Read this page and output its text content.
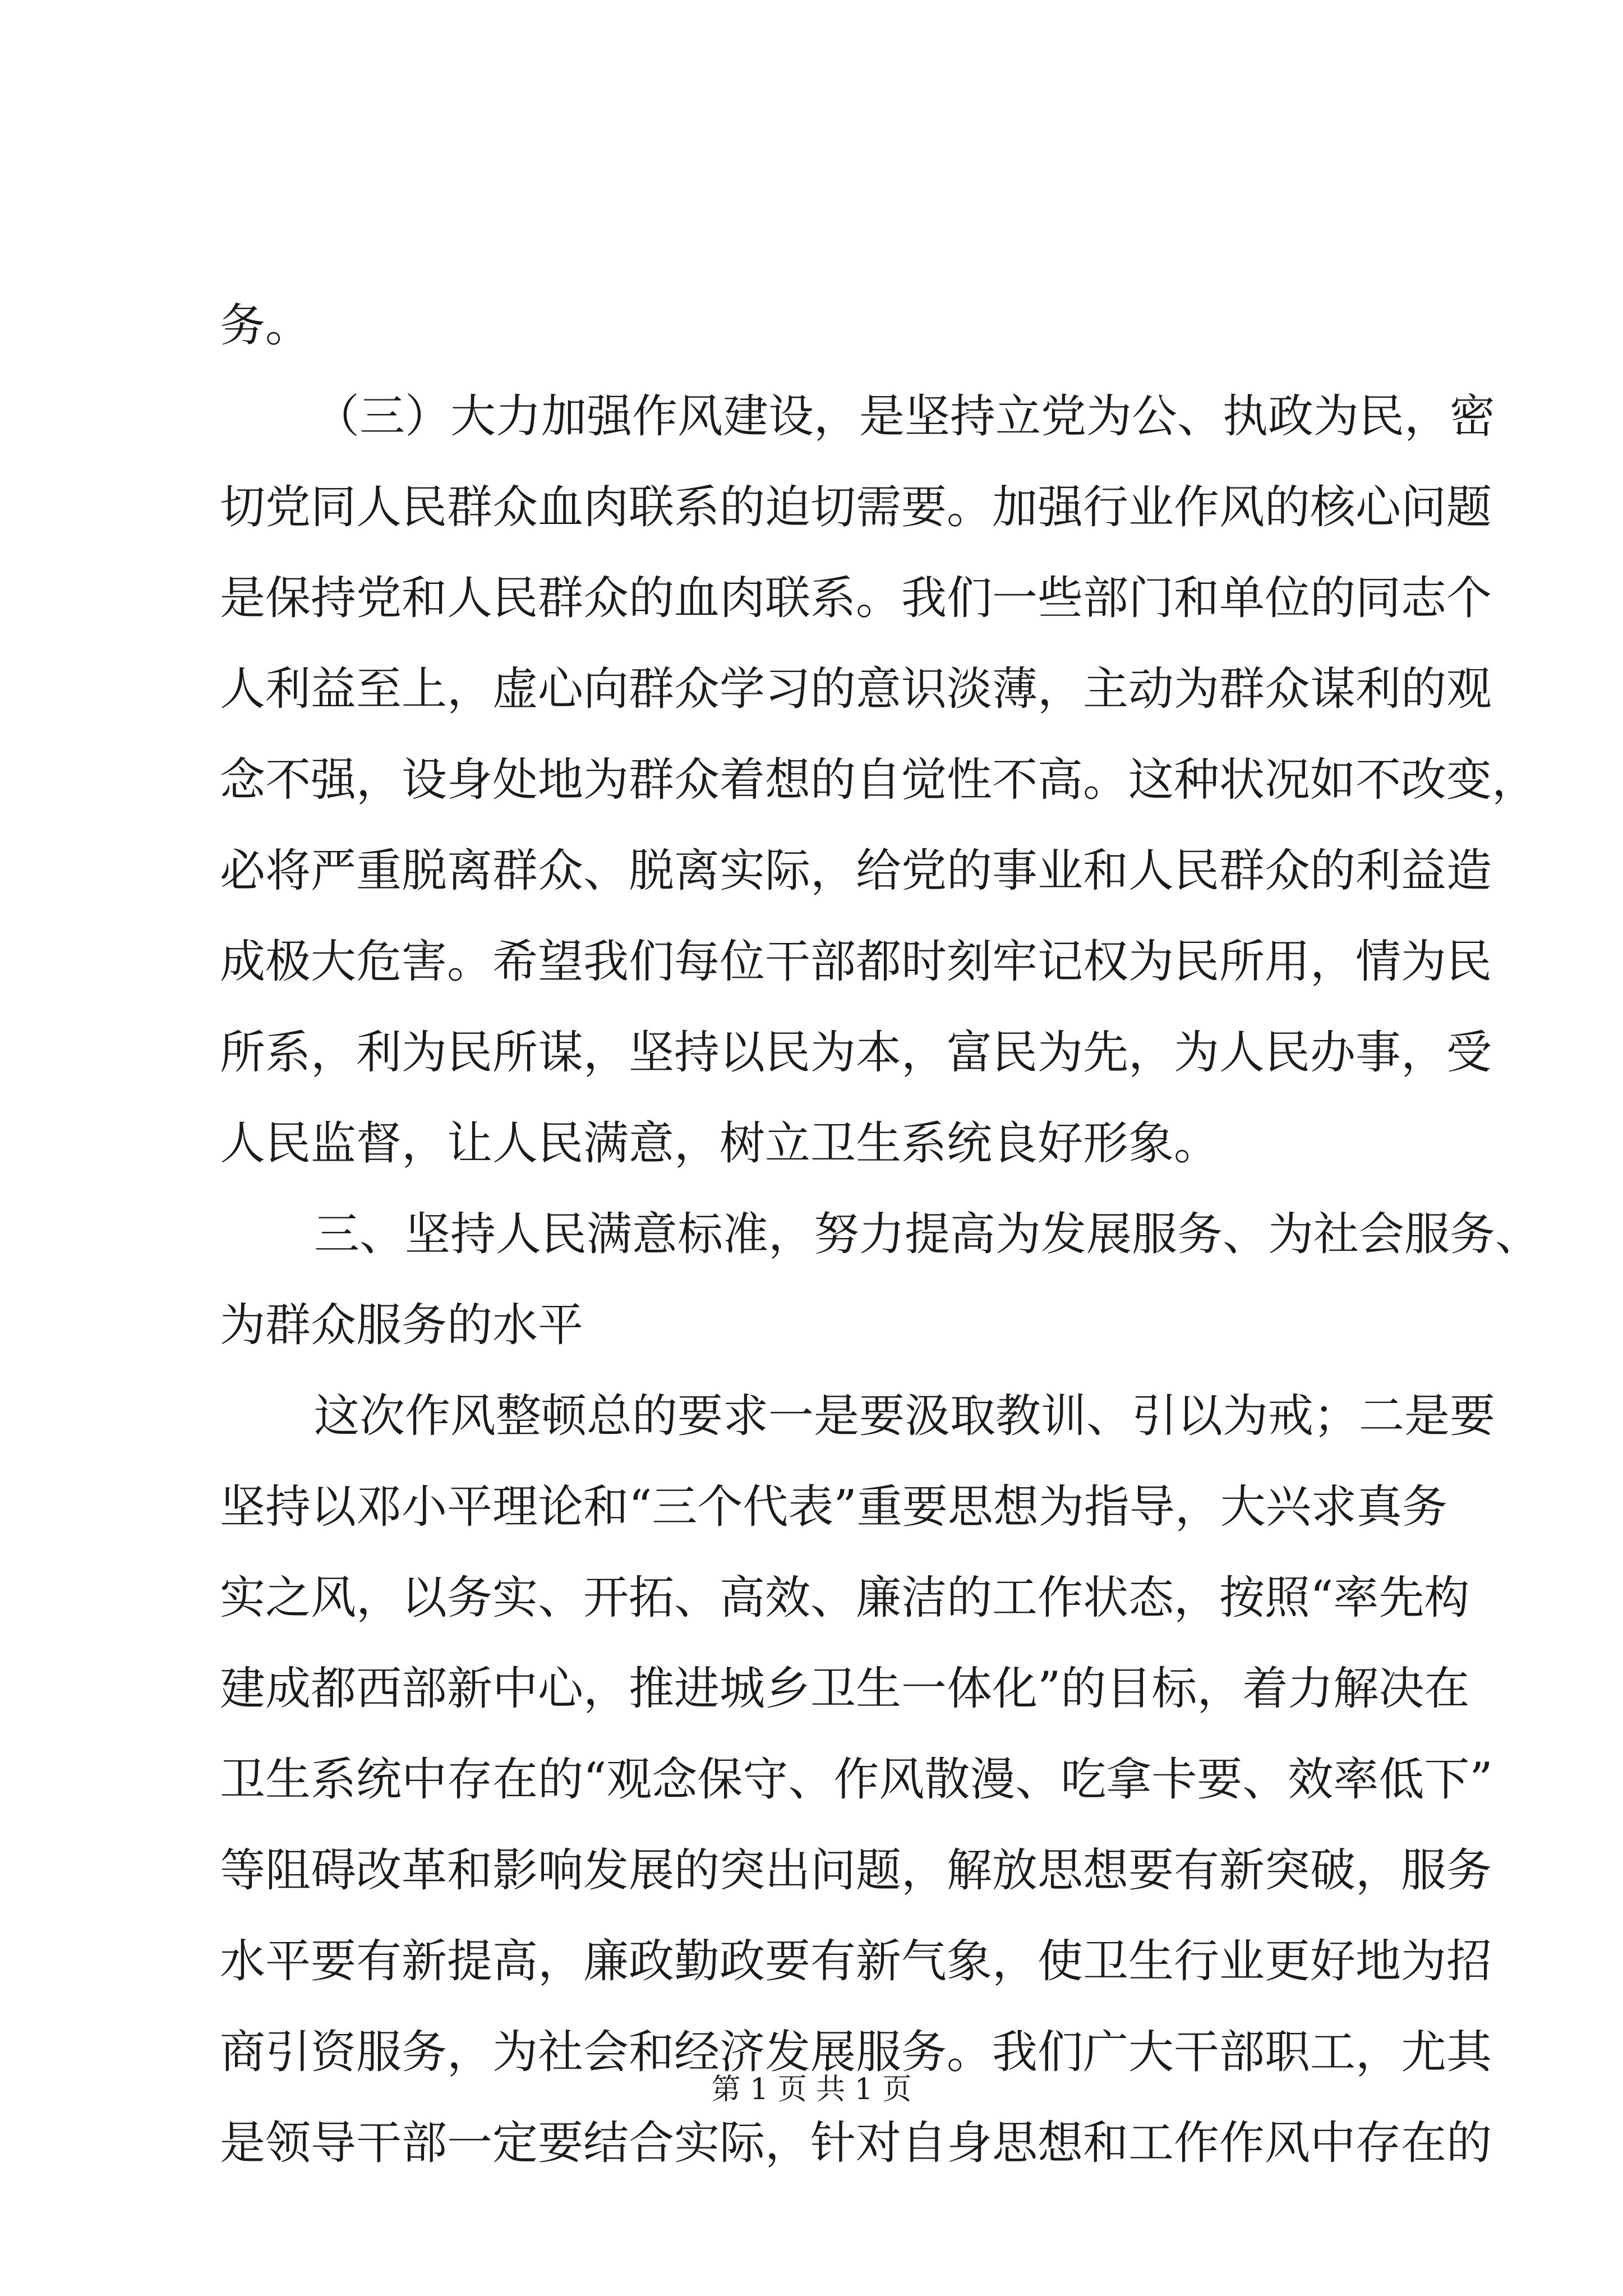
务。
（三）大力加强作风建设，是坚持立党为公、执政为民，密
切党同人民群众血肉联系的迫切需要。加强行业作风的核心问题
是保持党和人民群众的血肉联系。我们一些部门和单位的同志个
人利益至上，虚心向群众学习的意识淡薄，主动为群众谋利的观
念不强，设身处地为群众着想的自觉性不高。这种状况如不改变，
必将严重脱离群众、脱离实际，给党的事业和人民群众的利益造
成极大危害。希望我们每位干部都时刻牢记权为民所用，情为民
所系，利为民所谋，坚持以民为本，富民为先，为人民办事，受
人民监督，让人民满意，树立卫生系统良好形象。
三、坚持人民满意标准，努力提高为发展服务、为社会服务、
为群众服务的水平
这次作风整顿总的要求一是要汲取教训、引以为戒；二是要
坚持以邓小平理论和“三个代表”重要思想为指导，大兴求真务
实之风，以务实、开拓、高效、廉洁的工作状态，按照“率先构
建成都西部新中心，推进城乡卫生一体化”的目标，着力解决在
卫生系统中存在的“观念保守、作风散漫、吃拿卡要、效率低下”
等阻碍改革和影响发展的突出问题，解放思想要有新突破，服务
水平要有新提高，廉政勤政要有新气象，使卫生行业更好地为招
商引资服务，为社会和经济发展服务。我们广大干部职工，尤其
是领导干部一定要结合实际，针对自身思想和工作作风中存在的
第 1 页 共 1 页
